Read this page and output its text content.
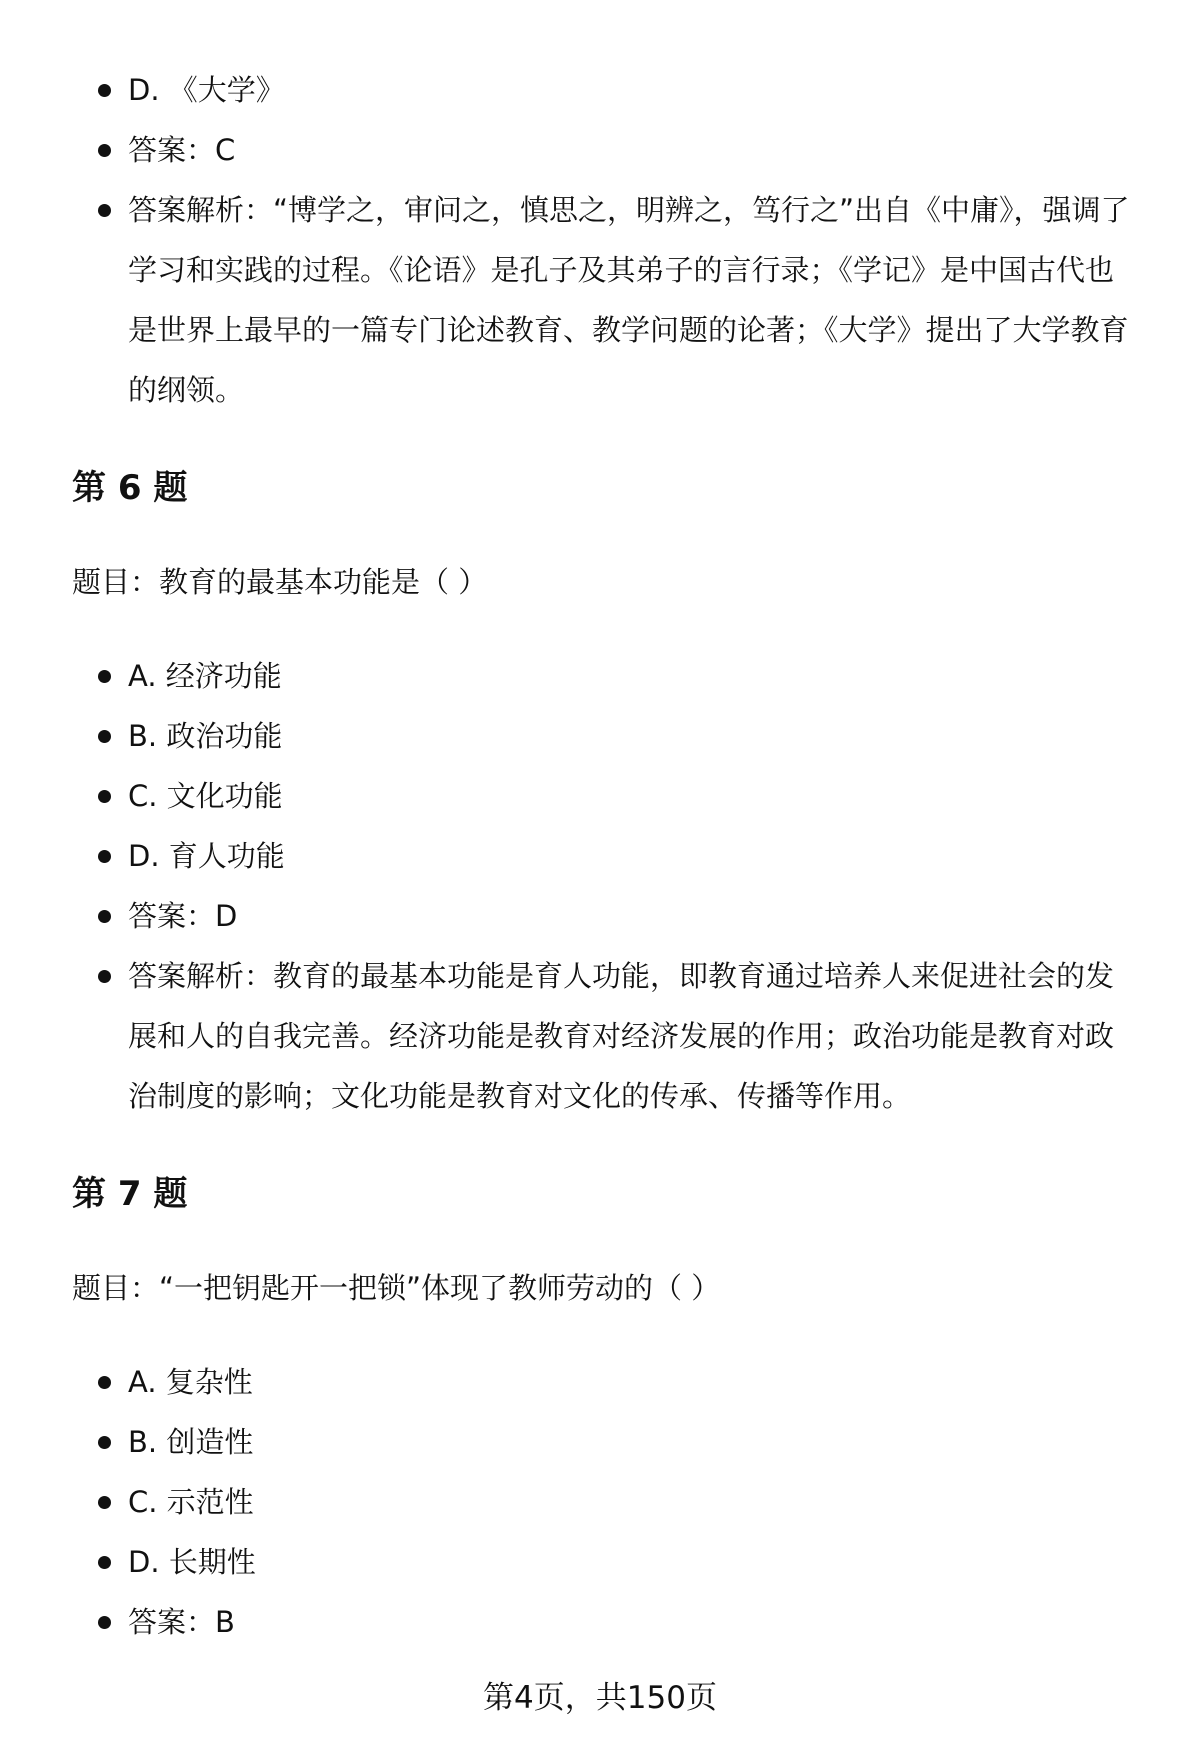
D. 《大学》
答案：C
答案解析：“博学之，审问之，慎思之，明辨之，笃行之”出自《中庸》，强调了学习和实践的过程。《论语》是孔子及其弟子的言行录；《学记》是中国古代也是世界上最早的一篇专门论述教育、教学问题的论著；《大学》提出了大学教育的纲领。
第 6 题

题目：教育的最基本功能是（ ）

A. 经济功能
B. 政治功能
C. 文化功能
D. 育人功能
答案：D
答案解析：教育的最基本功能是育人功能，即教育通过培养人来促进社会的发展和人的自我完善。经济功能是教育对经济发展的作用；政治功能是教育对政治制度的影响；文化功能是教育对文化的传承、传播等作用。
第 7 题

题目：“一把钥匙开一把锁”体现了教师劳动的（ ）

A. 复杂性
B. 创造性
C. 示范性
D. 长期性
答案：B
第4页，共150页
